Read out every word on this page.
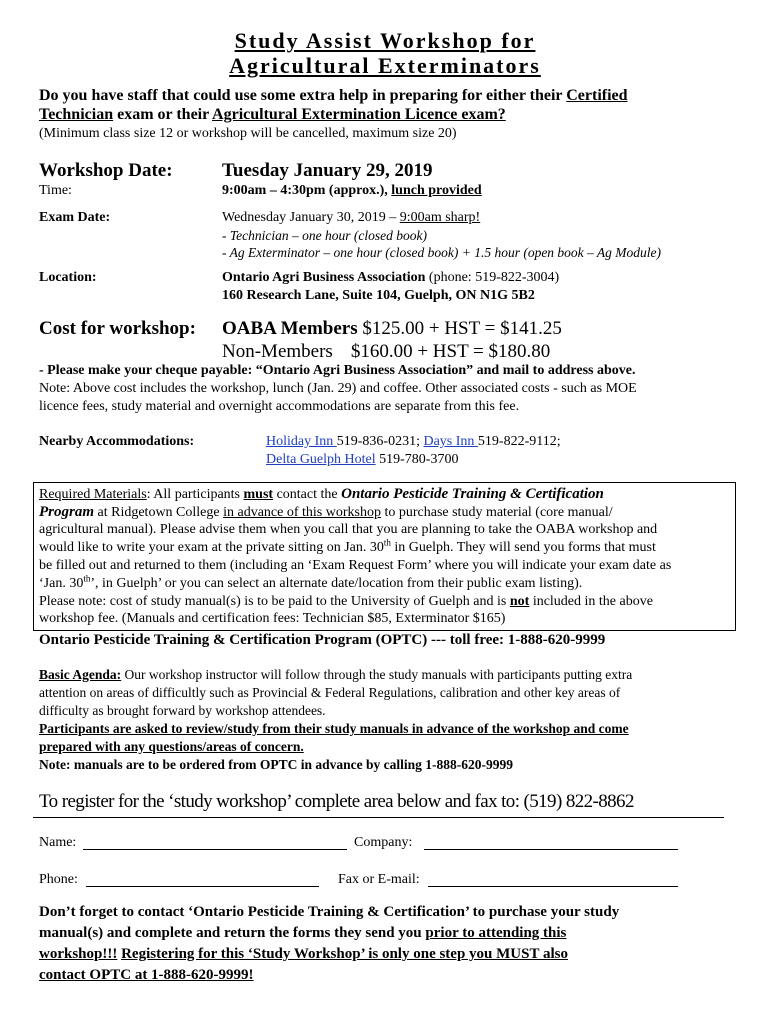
Study Assist Workshop for
Agricultural Exterminators
Do you have staff that could use some extra help in preparing for either their Certified
Technician exam or their Agricultural Extermination Licence exam?
(Minimum class size 12 or workshop will be cancelled, maximum size 20)
Workshop Date:	Tuesday January 29, 2019
Time:	9:00am – 4:30pm (approx.), lunch provided
Exam Date:	Wednesday January 30, 2019 – 9:00am sharp!
- Technician – one hour (closed book)
- Ag Exterminator – one hour (closed book) + 1.5 hour (open book – Ag Module)
Location:	Ontario Agri Business Association (phone: 519-822-3004)
160 Research Lane, Suite 104, Guelph, ON N1G 5B2
Cost for workshop: OABA Members $125.00 + HST = $141.25
Non-Members $160.00 + HST = $180.80
- Please make your cheque payable: “Ontario Agri Business Association” and mail to address above.
Note: Above cost includes the workshop, lunch (Jan. 29) and coffee. Other associated costs - such as MOE
licence fees, study material and overnight accommodations are separate from this fee.
Nearby Accommodations:	Holiday Inn 519-836-0231; Days Inn 519-822-9112;
Delta Guelph Hotel 519-780-3700
Required Materials: All participants must contact the Ontario Pesticide Training & Certification
Program at Ridgetown College in advance of this workshop to purchase study material (core manual/
agricultural manual). Please advise them when you call that you are planning to take the OABA workshop and
would like to write your exam at the private sitting on Jan. 30th in Guelph. They will send you forms that must
be filled out and returned to them (including an ‘Exam Request Form’ where you will indicate your exam date as
‘Jan. 30th’, in Guelph’ or you can select an alternate date/location from their public exam listing).
Please note: cost of study manual(s) is to be paid to the University of Guelph and is not included in the above
workshop fee. (Manuals and certification fees: Technician $85, Exterminator $165)
Ontario Pesticide Training & Certification Program (OPTC) --- toll free: 1-888-620-9999
Basic Agenda: Our workshop instructor will follow through the study manuals with participants putting extra
attention on areas of difficultly such as Provincial & Federal Regulations, calibration and other key areas of
difficulty as brought forward by workshop attendees.
Participants are asked to review/study from their study manuals in advance of the workshop and come
prepared with any questions/areas of concern.
Note: manuals are to be ordered from OPTC in advance by calling 1-888-620-9999
To register for the ‘study workshop’ complete area below and fax to: (519) 822-8862
Name:	Company:
Phone:	Fax or E-mail:
Don’t forget to contact ‘Ontario Pesticide Training & Certification’ to purchase your study
manual(s) and complete and return the forms they send you prior to attending this
workshop!!! Registering for this ‘Study Workshop’ is only one step you MUST also
contact OPTC at 1-888-620-9999!
